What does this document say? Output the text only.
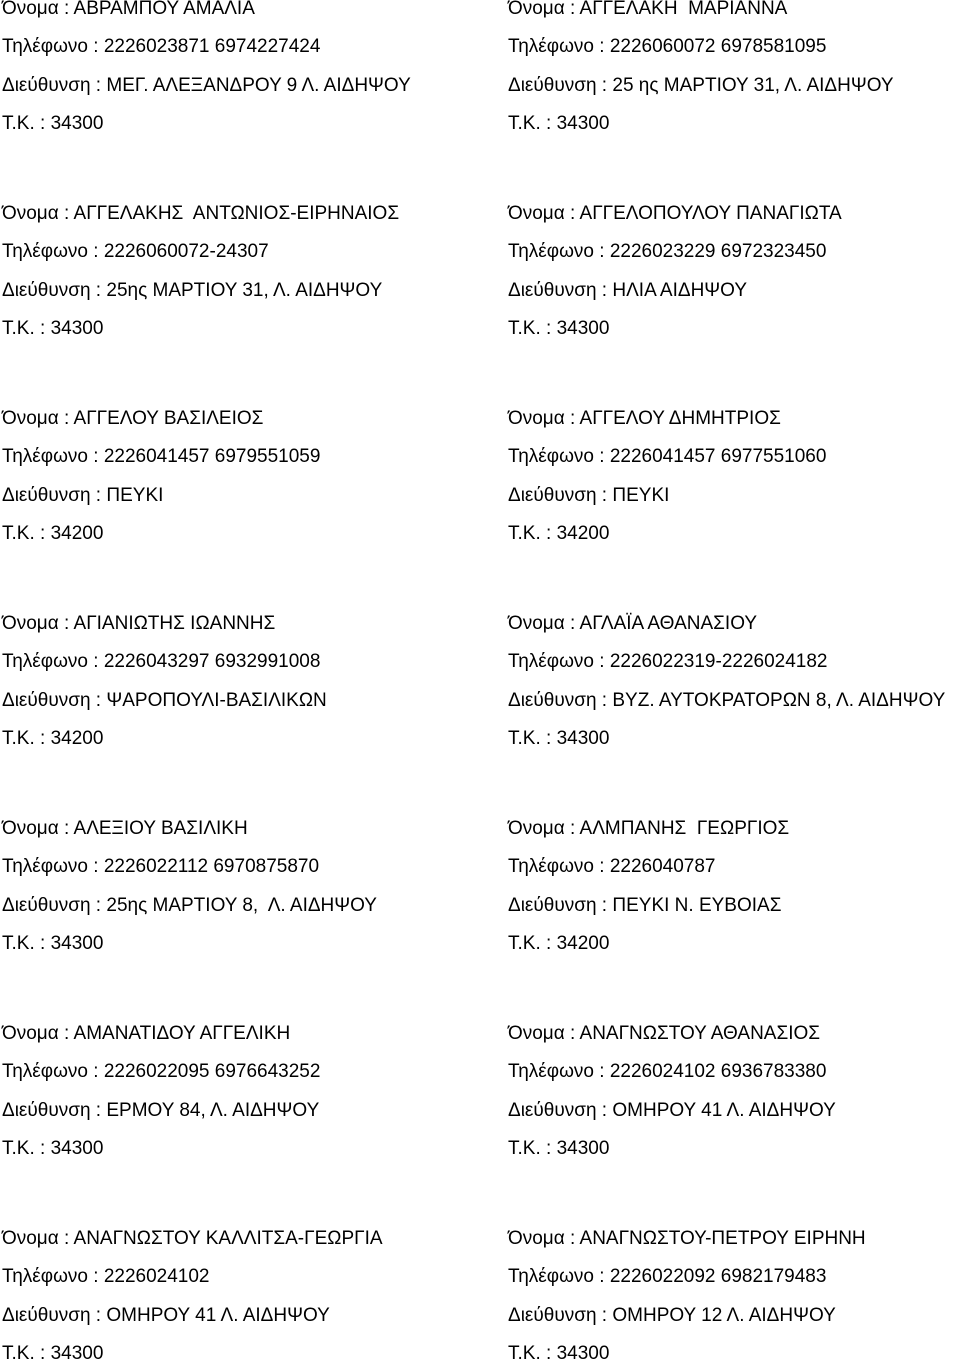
Όνομα : ΑΒΡΑΜΠΟΥ ΑΜΑΛΙΑ
Τηλέφωνο : 2226023871 6974227424
Διεύθυνση : ΜΕΓ. ΑΛΕΞΑΝΔΡΟΥ 9 Λ. ΑΙΔΗΨΟΥ
Τ.Κ. : 34300
Όνομα : ΑΓΓΕΛΑΚΗ  ΜΑΡΙΑΝΝΑ
Τηλέφωνο : 2226060072 6978581095
Διεύθυνση : 25 ης ΜΑΡΤΙΟΥ 31, Λ. ΑΙΔΗΨΟΥ
Τ.Κ. : 34300
Όνομα : ΑΓΓΕΛΑΚΗΣ  ΑΝΤΩΝΙΟΣ-ΕΙΡΗΝΑΙΟΣ
Τηλέφωνο : 2226060072-24307
Διεύθυνση : 25ης ΜΑΡΤΙΟΥ 31, Λ. ΑΙΔΗΨΟΥ
Τ.Κ. : 34300
Όνομα : ΑΓΓΕΛΟΠΟΥΛΟΥ ΠΑΝΑΓΙΩΤΑ
Τηλέφωνο : 2226023229 6972323450
Διεύθυνση : ΗΛΙΑ ΑΙΔΗΨΟΥ
Τ.Κ. : 34300
Όνομα : ΑΓΓΕΛΟΥ ΒΑΣΙΛΕΙΟΣ
Τηλέφωνο : 2226041457 6979551059
Διεύθυνση : ΠΕΥΚΙ
Τ.Κ. : 34200
Όνομα : ΑΓΓΕΛΟΥ ΔΗΜΗΤΡΙΟΣ
Τηλέφωνο : 2226041457 6977551060
Διεύθυνση : ΠΕΥΚΙ
Τ.Κ. : 34200
Όνομα : ΑΓΙΑΝΙΩΤΗΣ ΙΩΑΝΝΗΣ
Τηλέφωνο : 2226043297 6932991008
Διεύθυνση : ΨΑΡΟΠΟΥΛΙ-ΒΑΣΙΛΙΚΩΝ
Τ.Κ. : 34200
Όνομα : ΑΓΛΑΪΑ ΑΘΑΝΑΣΙΟΥ
Τηλέφωνο : 2226022319-2226024182
Διεύθυνση : ΒΥΖ. ΑΥΤΟΚΡΑΤΟΡΩΝ 8, Λ. ΑΙΔΗΨΟΥ
Τ.Κ. : 34300
Όνομα : ΑΛΕΞΙΟΥ ΒΑΣΙΛΙΚΗ
Τηλέφωνο : 2226022112 6970875870
Διεύθυνση : 25ης ΜΑΡΤΙΟΥ 8,  Λ. ΑΙΔΗΨΟΥ
Τ.Κ. : 34300
Όνομα : ΑΛΜΠΑΝΗΣ  ΓΕΩΡΓΙΟΣ
Τηλέφωνο : 2226040787
Διεύθυνση : ΠΕΥΚΙ Ν. ΕΥΒΟΙΑΣ
Τ.Κ. : 34200
Όνομα : ΑΜΑΝΑΤΙΔΟΥ ΑΓΓΕΛΙΚΗ
Τηλέφωνο : 2226022095 6976643252
Διεύθυνση : ΕΡΜΟΥ 84, Λ. ΑΙΔΗΨΟΥ
Τ.Κ. : 34300
Όνομα : ΑΝΑΓΝΩΣΤΟΥ ΑΘΑΝΑΣΙΟΣ
Τηλέφωνο : 2226024102 6936783380
Διεύθυνση : ΟΜΗΡΟΥ 41 Λ. ΑΙΔΗΨΟΥ
Τ.Κ. : 34300
Όνομα : ΑΝΑΓΝΩΣΤΟΥ ΚΑΛΛΙΤΣΑ-ΓΕΩΡΓΙΑ
Τηλέφωνο : 2226024102
Διεύθυνση : ΟΜΗΡΟΥ 41 Λ. ΑΙΔΗΨΟΥ
Τ.Κ. : 34300
Όνομα : ΑΝΑΓΝΩΣΤΟΥ-ΠΕΤΡΟΥ ΕΙΡΗΝΗ
Τηλέφωνο : 2226022092 6982179483
Διεύθυνση : ΟΜΗΡΟΥ 12 Λ. ΑΙΔΗΨΟΥ
Τ.Κ. : 34300
